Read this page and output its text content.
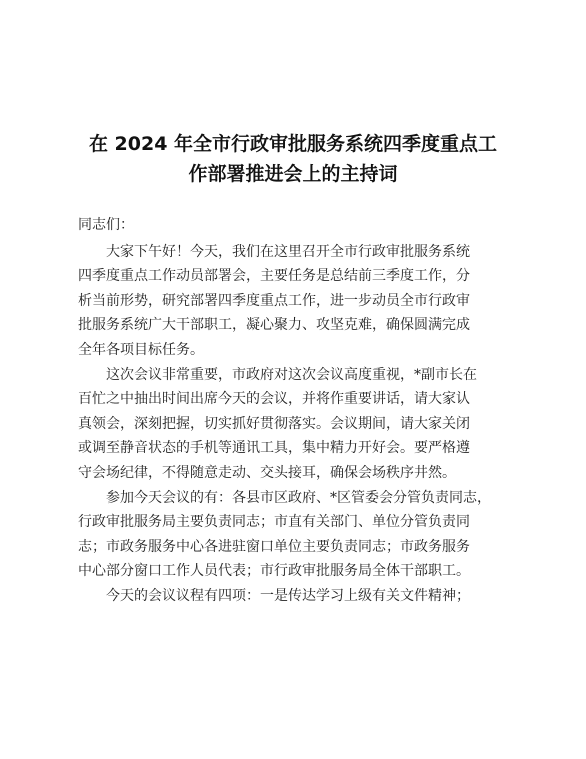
在 2024 年全市行政审批服务系统四季度重点工
作部署推进会上的主持词
同志们：
大家下午好！今天，我们在这里召开全市行政审批服务系统
四季度重点工作动员部署会，主要任务是总结前三季度工作，分
析当前形势，研究部署四季度重点工作，进一步动员全市行政审
批服务系统广大干部职工，凝心聚力、攻坚克难，确保圆满完成
全年各项目标任务。
这次会议非常重要，市政府对这次会议高度重视，*副市长在
百忙之中抽出时间出席今天的会议，并将作重要讲话，请大家认
真领会，深刻把握，切实抓好贯彻落实。会议期间，请大家关闭
或调至静音状态的手机等通讯工具，集中精力开好会。要严格遵
守会场纪律，不得随意走动、交头接耳，确保会场秩序井然。
参加今天会议的有：各县市区政府、*区管委会分管负责同志，
行政审批服务局主要负责同志；市直有关部门、单位分管负责同
志；市政务服务中心各进驻窗口单位主要负责同志；市政务服务
中心部分窗口工作人员代表；市行政审批服务局全体干部职工。
今天的会议议程有四项：一是传达学习上级有关文件精神；
